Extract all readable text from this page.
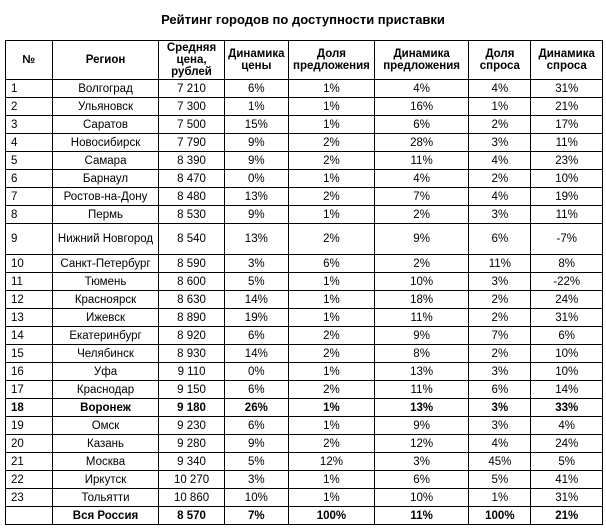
Рейтинг городов по доступности приставки
№	Регион	Средняя цена, рублей	Динамика цены	Доля предложения	Динамика предложения	Доля спроса	Динамика спроса
1	Волгоград	7 210	6%	1%	4%	4%	31%
2	Ульяновск	7 300	1%	1%	16%	1%	21%
3	Саратов	7 500	15%	1%	6%	2%	17%
4	Новосибирск	7 790	9%	2%	28%	3%	11%
5	Самара	8 390	9%	2%	11%	4%	23%
6	Барнаул	8 470	0%	1%	4%	2%	10%
7	Ростов-на-Дону	8 480	13%	2%	7%	4%	19%
8	Пермь	8 530	9%	1%	2%	3%	11%
9	Нижний Новгород	8 540	13%	2%	9%	6%	-7%
10	Санкт-Петербург	8 590	3%	6%	2%	11%	8%
11	Тюмень	8 600	5%	1%	10%	3%	-22%
12	Красноярск	8 630	14%	1%	18%	2%	24%
13	Ижевск	8 890	19%	1%	11%	2%	31%
14	Екатеринбург	8 920	6%	2%	9%	7%	6%
15	Челябинск	8 930	14%	2%	8%	2%	10%
16	Уфа	9 110	0%	1%	13%	3%	10%
17	Краснодар	9 150	6%	2%	11%	6%	14%
18	Воронеж	9 180	26%	1%	13%	3%	33%
19	Омск	9 230	6%	1%	9%	3%	4%
20	Казань	9 280	9%	2%	12%	4%	24%
21	Москва	9 340	5%	12%	3%	45%	5%
22	Иркутск	10 270	3%	1%	6%	5%	41%
23	Тольятти	10 860	10%	1%	10%	1%	31%
	Вся Россия	8 570	7%	100%	11%	100%	21%
